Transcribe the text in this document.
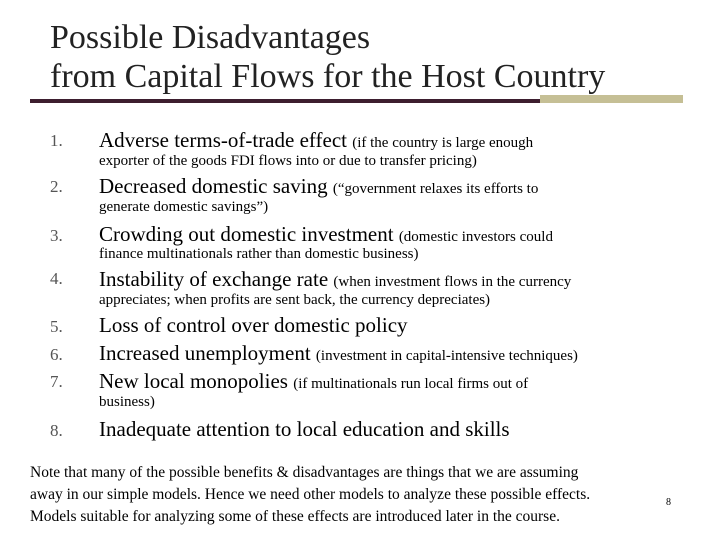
Possible Disadvantages
from Capital Flows for the Host Country
1. Adverse terms-of-trade effect (if the country is large enough
exporter of the goods FDI flows into or due to transfer pricing)
2. Decreased domestic saving (“government relaxes its efforts to
generate domestic savings”)
3. Crowding out domestic investment (domestic investors could
finance multinationals rather than domestic business)
4. Instability of exchange rate (when investment flows in the currency
appreciates; when profits are sent back, the currency depreciates)
5. Loss of control over domestic policy
6. Increased unemployment (investment in capital-intensive techniques)
7. New local monopolies (if multinationals run local firms out of
business)
8. Inadequate attention to local education and skills

Note that many of the possible benefits & disadvantages are things that we are assuming
away in our simple models. Hence we need other models to analyze these possible effects.
Models suitable for analyzing some of these effects are introduced later in the course.

8
